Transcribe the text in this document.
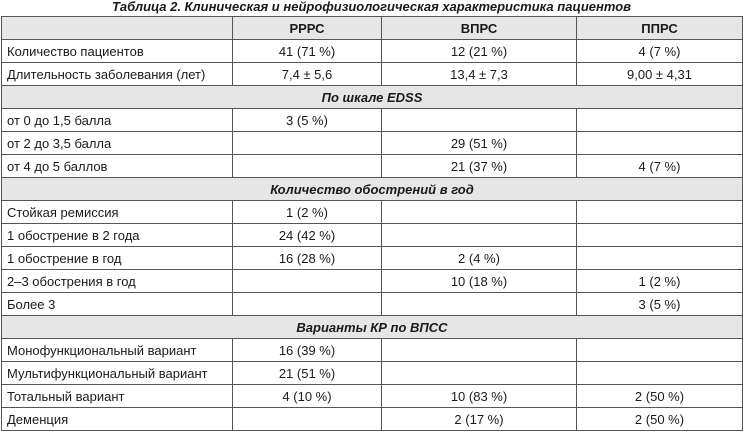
Таблица 2. Клиническая и нейрофизиологическая характеристика пациентов
	РРРС	ВПРС	ППРС
Количество пациентов	41 (71 %)	12 (21 %)	4 (7 %)
Длительность заболевания (лет)	7,4 ± 5,6	13,4 ± 7,3	9,00 ± 4,31
По шкале EDSS			
от 0 до 1,5 балла	3 (5 %)		
от 2 до 3,5 балла		29 (51 %)	
от 4 до 5 баллов		21 (37 %)	4 (7 %)
Количество обострений в год			
Стойкая ремиссия	1 (2 %)		
1 обострение в 2 года	24 (42 %)		
1 обострение в год	16 (28 %)	2 (4 %)	
2–3 обострения в год		10 (18 %)	1 (2 %)
Более 3			3 (5 %)
Варианты КР по ВПСС			
Монофункциональный вариант	16 (39 %)		
Мультифункциональный вариант	21 (51 %)		
Тотальный вариант	4 (10 %)	10 (83 %)	2 (50 %)
Деменция		2 (17 %)	2 (50 %)
